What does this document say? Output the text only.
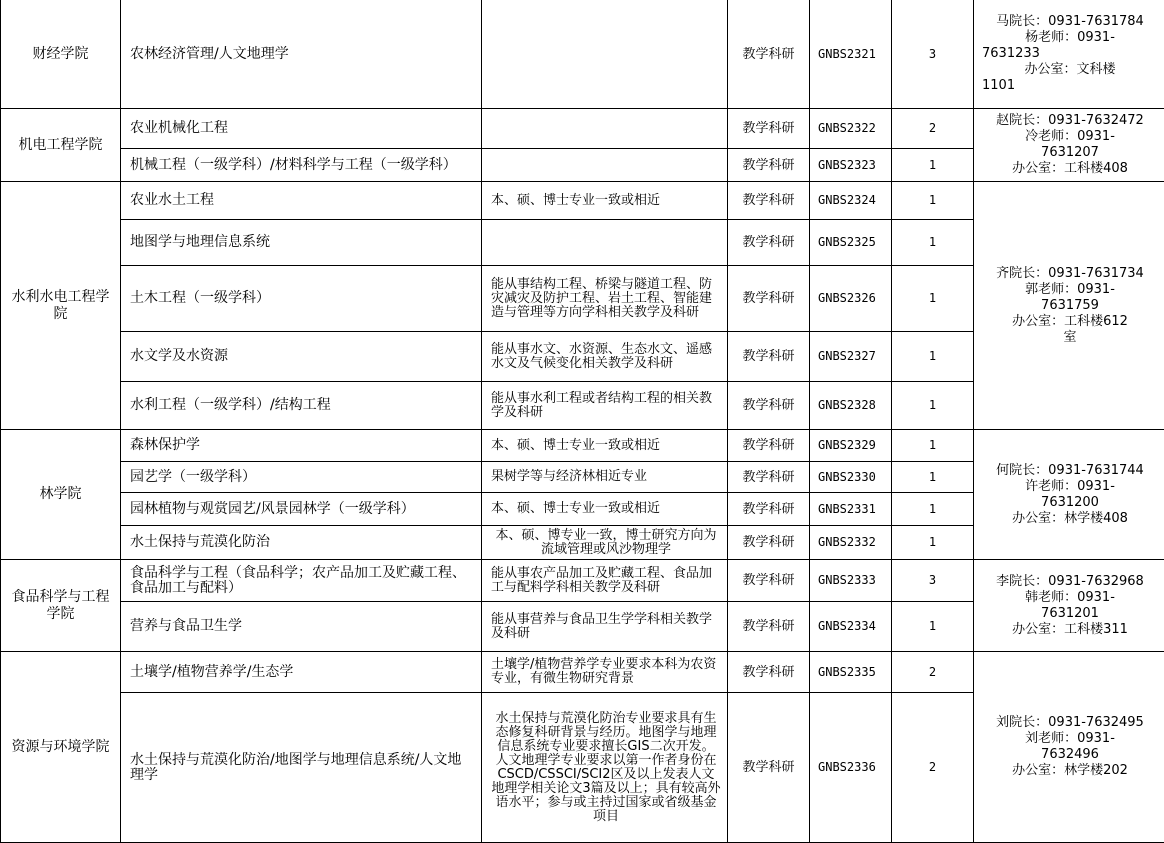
财经学院	农林经济管理/人文地理学		教学科研	GNBS2321	3	马院长：0931-7631784
杨老师：0931-
7631233
办公室：文科楼
1101

机电工程学院	农业机械化工程		教学科研	GNBS2322	2	赵院长：0931-7632472
冷老师：0931-
7631207
办公室：工科楼408

	机械工程（一级学科）/材料科学与工程（一级学科）		教学科研	GNBS2323	1	
水利水电工程学院	农业水土工程	本、硕、博士专业一致或相近	教学科研	GNBS2324	1	齐院长：0931-7631734
郭老师：0931-
7631759
办公室：工科楼612
室

	地图学与地理信息系统		教学科研	GNBS2325	1	
	土木工程（一级学科）	能从事结构工程、桥梁与隧道工程、防灾减灾及防护工程、岩土工程、智能建造与管理等方向学科相关教学及科研	教学科研	GNBS2326	1	
	水文学及水资源	能从事水文、水资源、生态水文、遥感水文及气候变化相关教学及科研	教学科研	GNBS2327	1	
	水利工程（一级学科）/结构工程	能从事水利工程或者结构工程的相关教学及科研	教学科研	GNBS2328	1	
林学院	森林保护学	本、硕、博士专业一致或相近	教学科研	GNBS2329	1	何院长：0931-7631744
许老师：0931-
7631200
办公室：林学楼408

	园艺学（一级学科）	果树学等与经济林相近专业	教学科研	GNBS2330	1	
	园林植物与观赏园艺/风景园林学（一级学科）	本、硕、博士专业一致或相近	教学科研	GNBS2331	1	
	水土保持与荒漠化防治	本、硕、博专业一致，博士研究方向为流域管理或风沙物理学	教学科研	GNBS2332	1	
食品科学与工程学院	食品科学与工程（食品科学；农产品加工及贮藏工程、食品加工与配料）	能从事农产品加工及贮藏工程、食品加工与配料学科相关教学及科研	教学科研	GNBS2333	3	李院长：0931-7632968
韩老师：0931-
7631201
办公室：工科楼311

	营养与食品卫生学	能从事营养与食品卫生学学科相关教学及科研	教学科研	GNBS2334	1	
资源与环境学院	土壤学/植物营养学/生态学	土壤学/植物营养学专业要求本科为农资专业，有微生物研究背景	教学科研	GNBS2335	2	刘院长：0931-7632495
刘老师：0931-
7632496
办公室：林学楼202

	水土保持与荒漠化防治/地图学与地理信息系统/人文地理学	水土保持与荒漠化防治专业要求具有生态修复科研背景与经历。地图学与地理信息系统专业要求擅长GIS二次开发。人文地理学专业要求以第一作者身份在CSCD/CSSCI/SCI2区及以上发表人文地理学相关论文3篇及以上；具有较高外语水平；参与或主持过国家或省级基金项目	教学科研	GNBS2336	2	
